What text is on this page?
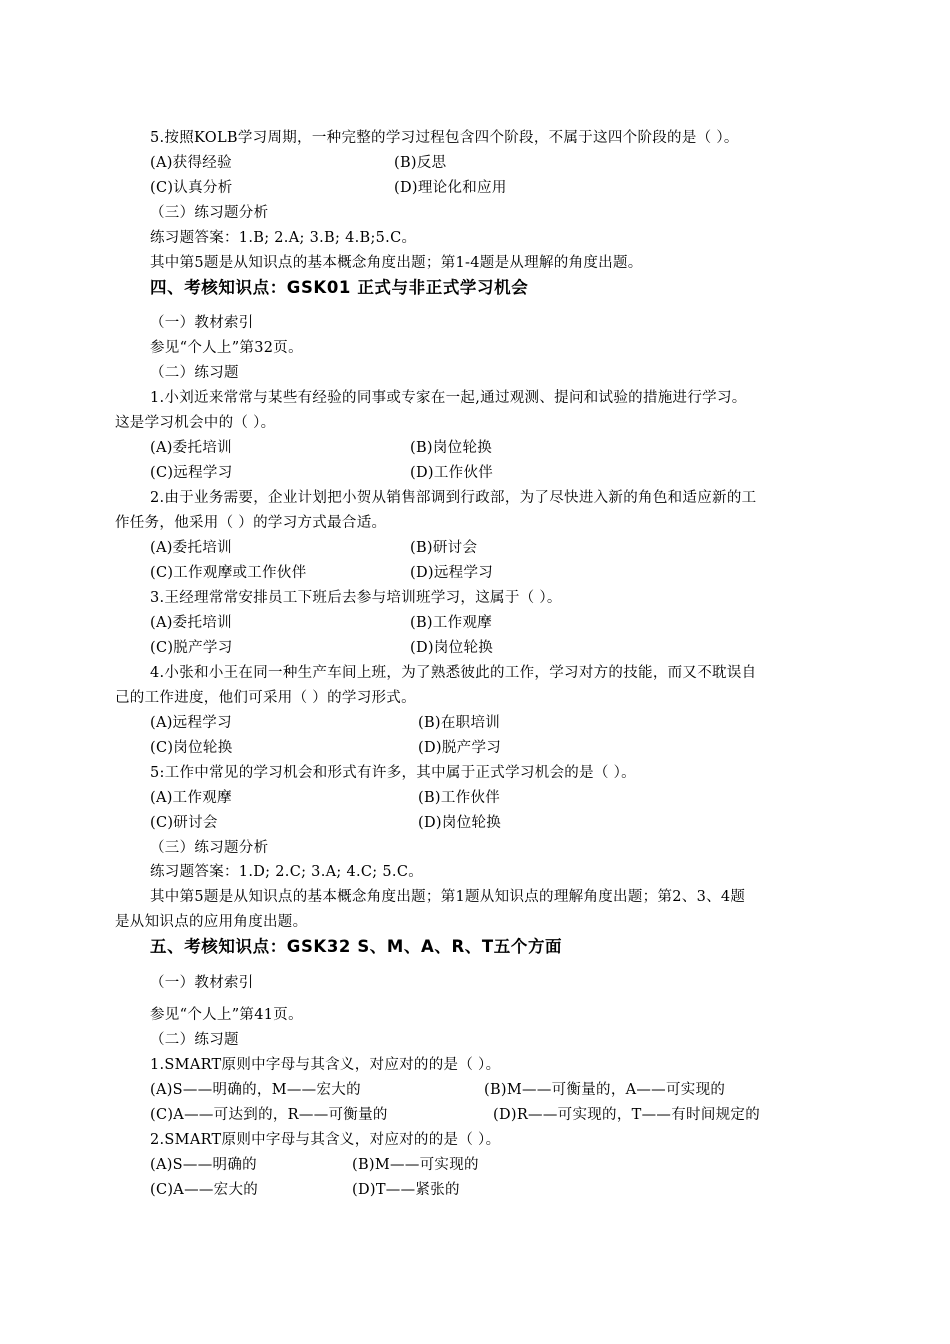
5.按照KOLB学习周期，一种完整的学习过程包含四个阶段，不属于这四个阶段的是（ ）。
(A)获得经验	(B)反思
(C)认真分析	(D)理论化和应用
（三）练习题分析
练习题答案：1.B; 2.A; 3.B; 4.B;5.C。
其中第5题是从知识点的基本概念角度出题；第1-4题是从理解的角度出题。
四、考核知识点：GSK01 正式与非正式学习机会
（一）教材索引
参见“个人上”第32页。
（二）练习题
1.小刘近来常常与某些有经验的同事或专家在一起,通过观测、提问和试验的措施进行学习。
这是学习机会中的（ ）。
(A)委托培训	(B)岗位轮换
(C)远程学习	(D)工作伙伴
2.由于业务需要，企业计划把小贺从销售部调到行政部，为了尽快进入新的角色和适应新的工
作任务，他采用（ ）的学习方式最合适。
(A)委托培训	(B)研讨会
(C)工作观摩或工作伙伴	(D)远程学习
3.王经理常常安排员工下班后去参与培训班学习，这属于（ ）。
(A)委托培训	(B)工作观摩
(C)脱产学习	(D)岗位轮换
4.小张和小王在同一种生产车间上班，为了熟悉彼此的工作，学习对方的技能，而又不耽误自
己的工作进度，他们可采用（ ）的学习形式。
(A)远程学习	(B)在职培训
(C)岗位轮换	(D)脱产学习
5:工作中常见的学习机会和形式有许多，其中属于正式学习机会的是（ ）。
(A)工作观摩	(B)工作伙伴
(C)研讨会	(D)岗位轮换
（三）练习题分析
练习题答案：1.D; 2.C; 3.A; 4.C; 5.C。
其中第5题是从知识点的基本概念角度出题；第1题从知识点的理解角度出题；第2、3、4题
是从知识点的应用角度出题。
五、考核知识点：GSK32 S、M、A、R、T五个方面
（一）教材索引
参见“个人上”第41页。
（二）练习题
1.SMART原则中字母与其含义，对应对的的是（ ）。
(A)S——明确的，M——宏大的	(B)M——可衡量的，A——可实现的
(C)A——可达到的，R——可衡量的	(D)R——可实现的，T——有时间规定的
2.SMART原则中字母与其含义，对应对的的是（ ）。
(A)S——明确的	(B)M——可实现的
(C)A——宏大的	(D)T——紧张的
